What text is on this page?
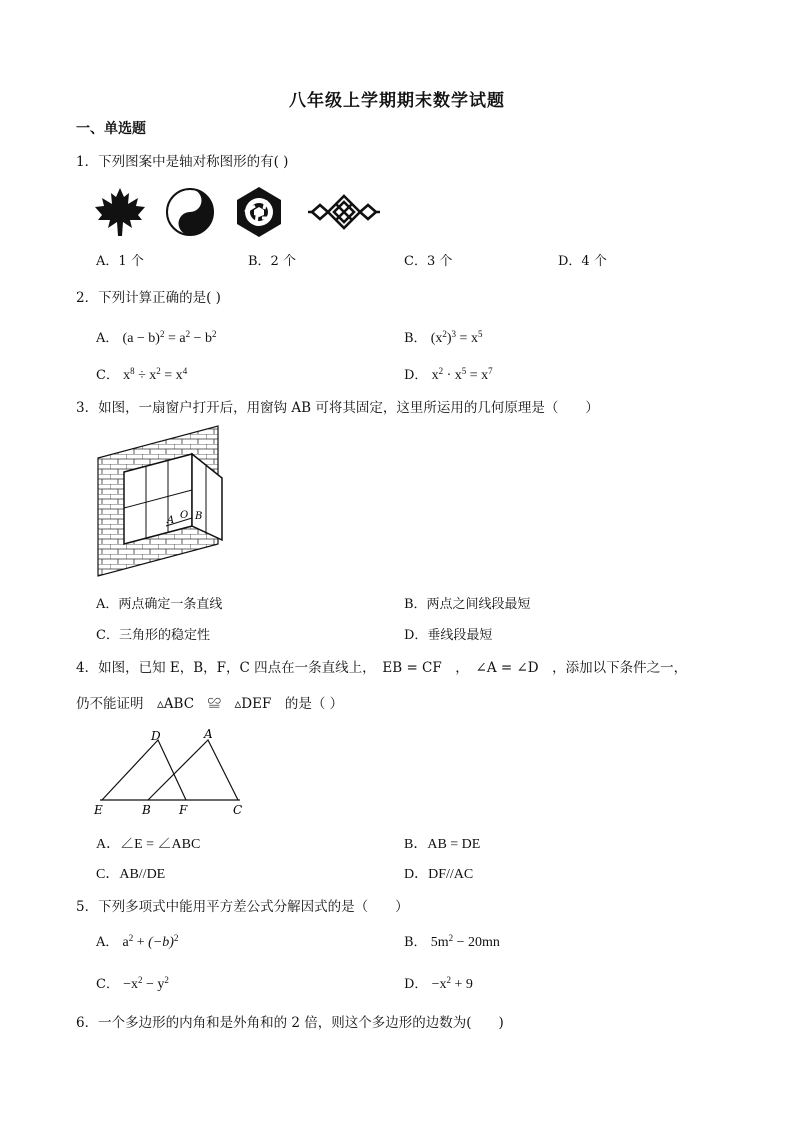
八年级上学期期末数学试题
一、单选题
1．下列图案中是轴对称图形的有( )
A．1 个	B．2 个	C．3 个	D．4 个
2．下列计算正确的是( )
A． $(a - b)^2 = a^2 - b^2$	B． $(x^2)^3 = x^5$
C． $x^8 \div x^2 = x^4$	D． $x^2 \cdot x^5 = x^7$
3．如图，一扇窗户打开后，用窗钩 AB 可将其固定，这里所运用的几何原理是（　　）
A O B
A．两点确定一条直线	B．两点之间线段最短
C．三角形的稳定性	D．垂线段最短
4．如图，已知 E，B，F，C 四点在一条直线上，　EB = CF　，　∠A = ∠D　，添加以下条件之一，
仍不能证明　▵ABC　≌　▵DEF　的是（ ）
D	A
E	B F	C
A．∠E = ∠ABC	B．AB = DE
C．AB//DE	D．DF//AC
5．下列多项式中能用平方差公式分解因式的是（　　）
A． $a^2 + (-b)^2$	B． $5m^2 - 20mn$
C． $-x^2 - y^2$	D． $-x^2 + 9$
6．一个多边形的内角和是外角和的 2 倍，则这个多边形的边数为(　　)
